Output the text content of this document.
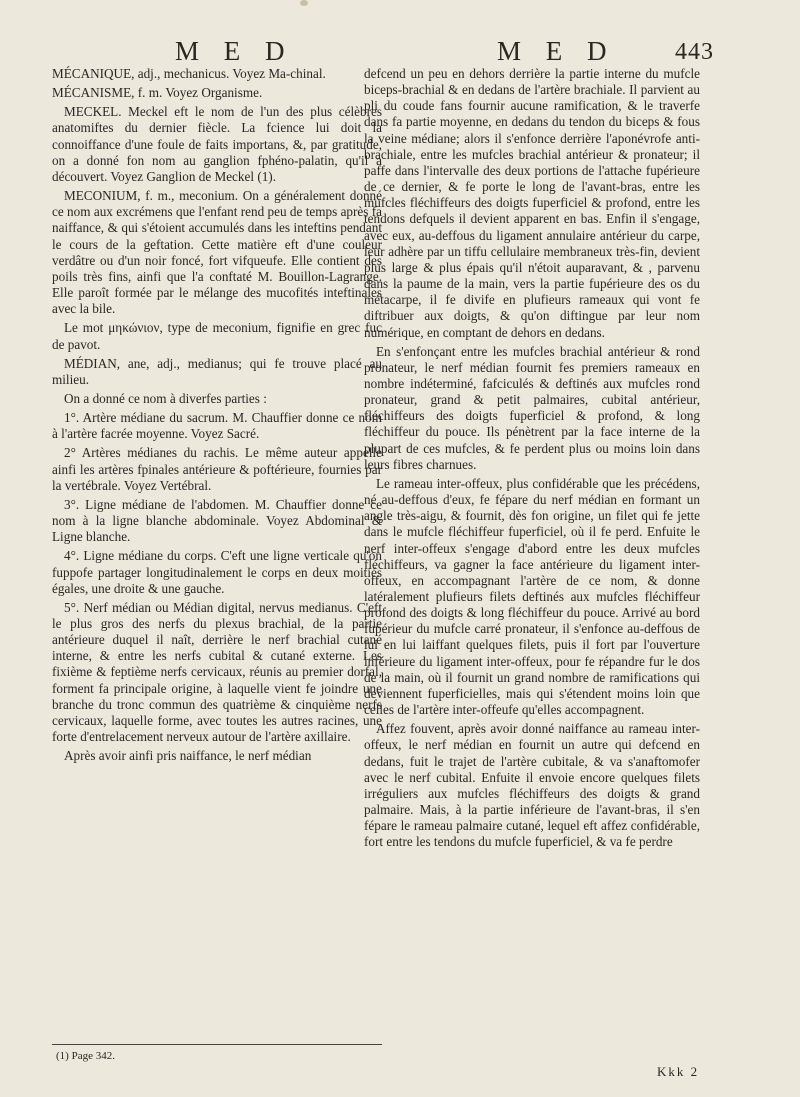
M E D	M E D 443

MÉCANIQUE, adj., mechanicus. Voyez Ma-chinal.

MÉCANISME, f. m. Voyez Organisme.

MECKEL. Meckel eft le nom de l'un des plus célèbres anatomiftes du dernier fiècle. La fcience lui doit la connoiffance d'une foule de faits importans, &, par gratitude, on a donné fon nom au ganglion fphéno-palatin, qu'il a découvert. Voyez Ganglion de Meckel (1).

MECONIUM, f. m., meconium. On a généralement donné ce nom aux excrémens que l'enfant rend peu de temps après fa naiffance, & qui s'étoient accumulés dans les inteftins pendant le cours de la geftation. Cette matière eft d'une couleur verdâtre ou d'un noir foncé, fort vifqueufe. Elle contient des poils très fins, ainfi que l'a conftaté M. Bouillon-Lagrange. Elle paroît formée par le mélange des mucofités inteftinales avec la bile.

Le mot μηκώνιον, type de meconium, fignifie en grec fuc de pavot.

MÉDIAN, ane, adj., medianus; qui fe trouve placé au milieu.

On a donné ce nom à diverfes parties :

1°. Artère médiane du sacrum. M. Chauffier donne ce nom à l'artère facrée moyenne. Voyez Sacré.

2° Artères médianes du rachis. Le même auteur appelle ainfi les artères fpinales antérieure & poftérieure, fournies par la vertébrale. Voyez Vertébral.

3°. Ligne médiane de l'abdomen. M. Chauffier donne ce nom à la ligne blanche abdominale. Voyez Abdominal & Ligne blanche.

4°. Ligne médiane du corps. C'eft une ligne verticale qu'on fuppofe partager longitudinalement le corps en deux moitiés égales, une droite & une gauche.

5°. Nerf médian ou Médian digital, nervus medianus. C'eft le plus gros des nerfs du plexus brachial, de la partie antérieure duquel il naît, derrière le nerf brachial cutané interne, & entre les nerfs cubital & cutané externe. Les fixième & feptième nerfs cervicaux, réunis au premier dorfal, forment fa principale origine, à laquelle vient fe joindre une branche du tronc commun des quatrième & cinquième nerfs cervicaux, laquelle forme, avec toutes les autres racines, une forte d'entrelacement nerveux autour de l'artère axillaire.

Après avoir ainfi pris naiffance, le nerf médian

defcend un peu en dehors derrière la partie interne du mufcle biceps-brachial & en dedans de l'artère brachiale. Il parvient au pli du coude fans fournir aucune ramification, & le traverfe dans fa partie moyenne, en dedans du tendon du biceps & fous la veine médiane; alors il s'enfonce derrière l'aponévrofe anti-brachiale, entre les mufcles brachial antérieur & pronateur; il paffe dans l'intervalle des deux portions de l'attache fupérieure de ce dernier, & fe porte le long de l'avant-bras, entre les mufcles fléchiffeurs des doigts fuperficiel & profond, entre les tendons defquels il devient apparent en bas. Enfin il s'engage, avec eux, au-deffous du ligament annulaire antérieur du carpe, leur adhère par un tiffu cellulaire membraneux très-fin, devient plus large & plus épais qu'il n'étoit auparavant, & , parvenu dans la paume de la main, vers la partie fupérieure des os du métacarpe, il fe divife en plufieurs rameaux qui vont fe diftribuer aux doigts, & qu'on diftingue par leur nom numérique, en comptant de dehors en dedans.

En s'enfonçant entre les mufcles brachial antérieur & rond pronateur, le nerf médian fournit fes premiers rameaux en nombre indéterminé, fafciculés & deftinés aux mufcles rond pronateur, grand & petit palmaires, cubital antérieur, fléchiffeurs des doigts fuperficiel & profond, & long fléchiffeur du pouce. Ils pénètrent par la face interne de la plupart de ces mufcles, & fe perdent plus ou moins loin dans leurs fibres charnues.

Le rameau inter-offeux, plus confidérable que les précédens, né au-deffous d'eux, fe fépare du nerf médian en formant un angle très-aigu, & fournit, dès fon origine, un filet qui fe jette dans le mufcle fléchiffeur fuperficiel, où il fe perd. Enfuite le nerf inter-offeux s'engage d'abord entre les deux mufcles fléchiffeurs, va gagner la face antérieure du ligament inter-offeux, en accompagnant l'artère de ce nom, & donne latéralement plufieurs filets deftinés aux mufcles fléchiffeur profond des doigts & long fléchiffeur du pouce. Arrivé au bord fupérieur du mufcle carré pronateur, il s'enfonce au-deffous de lui en lui laiffant quelques filets, puis il fort par l'ouverture inférieure du ligament inter-offeux, pour fe répandre fur le dos de la main, où il fournit un grand nombre de ramifications qui deviennent fuperficielles, mais qui s'étendent moins loin que celles de l'artère inter-offeufe qu'elles accompagnent.

Affez fouvent, après avoir donné naiffance au rameau inter-offeux, le nerf médian en fournit un autre qui defcend en dedans, fuit le trajet de l'artère cubitale, & va s'anaftomofer avec le nerf cubital. Enfuite il envoie encore quelques filets irréguliers aux mufcles fléchiffeurs des doigts & grand palmaire. Mais, à la partie inférieure de l'avant-bras, il s'en fépare le rameau palmaire cutané, lequel eft affez confidérable, fort entre les tendons du mufcle fuperficiel, & va fe perdre

(1) Page 342.
Kkk 2
